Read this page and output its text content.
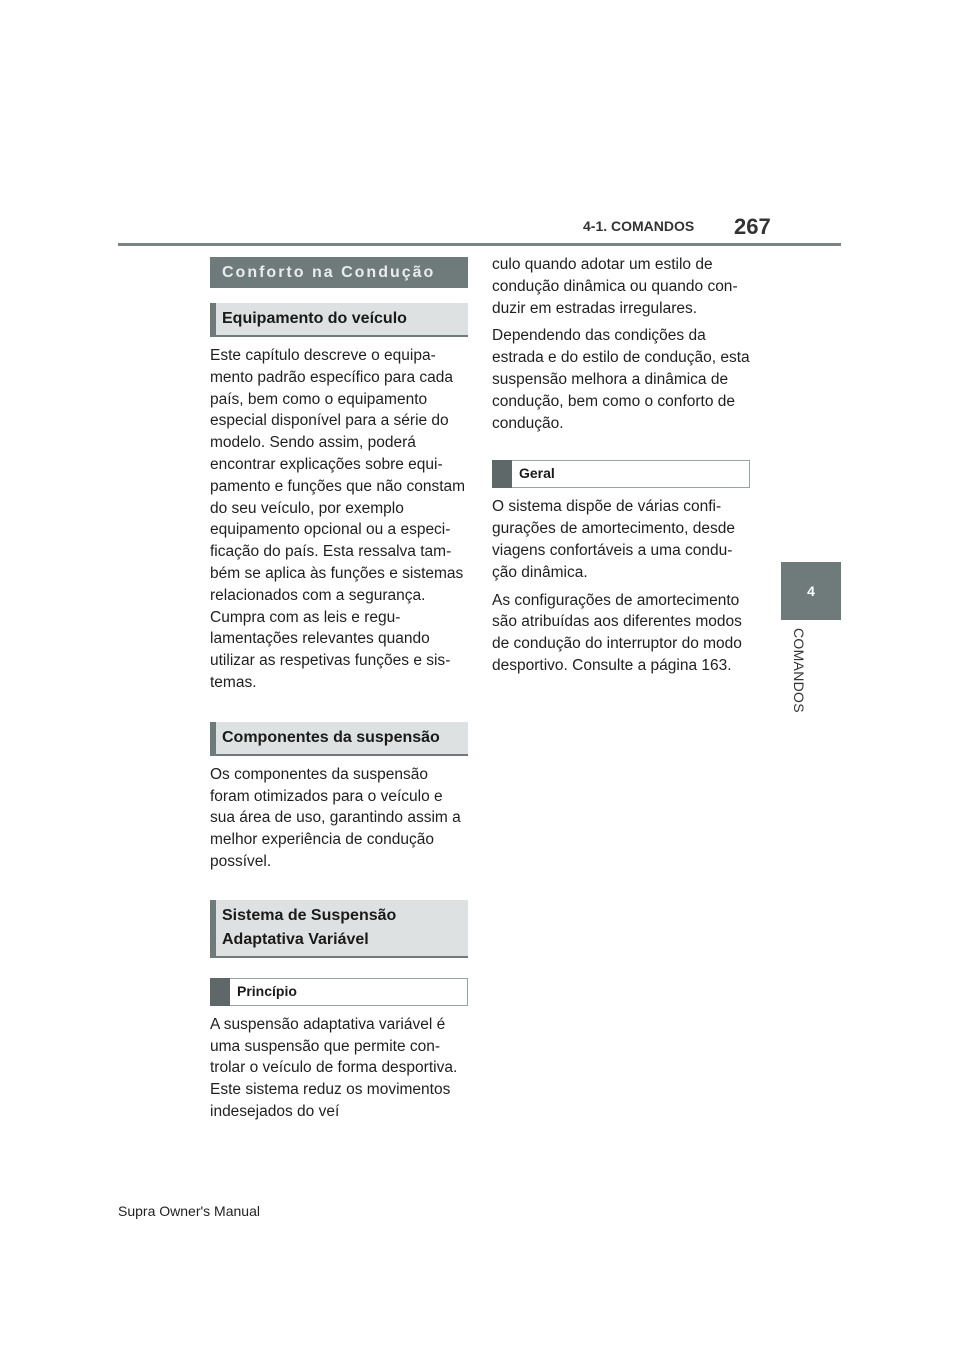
4-1. COMANDOS 267
4
COMANDOS
Conforto na Condução
Equipamento do veículo

Este capítulo descreve o equipamento padrão específico para cada país, bem como o equipamento especial disponível para a série do modelo. Sendo assim, poderá encontrar explicações sobre equipamento e funções que não constam do seu veículo, por exemplo equipamento opcional ou a especificação do país. Esta ressalva também se aplica às funções e sistemas relacionados com a segurança. Cumpra com as leis e regulamentações relevantes quando utilizar as respetivas funções e sistemas.

Componentes da suspensão

Os componentes da suspensão foram otimizados para o veículo e sua área de uso, garantindo assim a melhor experiência de condução possível.

Sistema de Suspensão Adaptativa Variável
Princípio

A suspensão adaptativa variável é uma suspensão que permite controlar o veículo de forma desportiva. Este sistema reduz os movimentos indesejados do veí

culo quando adotar um estilo de condução dinâmica ou quando conduzir em estradas irregulares.

Dependendo das condições da estrada e do estilo de condução, esta suspensão melhora a dinâmica de condução, bem como o conforto de condução.

Geral

O sistema dispõe de várias configurações de amortecimento, desde viagens confortáveis a uma condução dinâmica.

As configurações de amortecimento são atribuídas aos diferentes modos de condução do interruptor do modo desportivo. Consulte a página 163.

Supra Owner's Manual
